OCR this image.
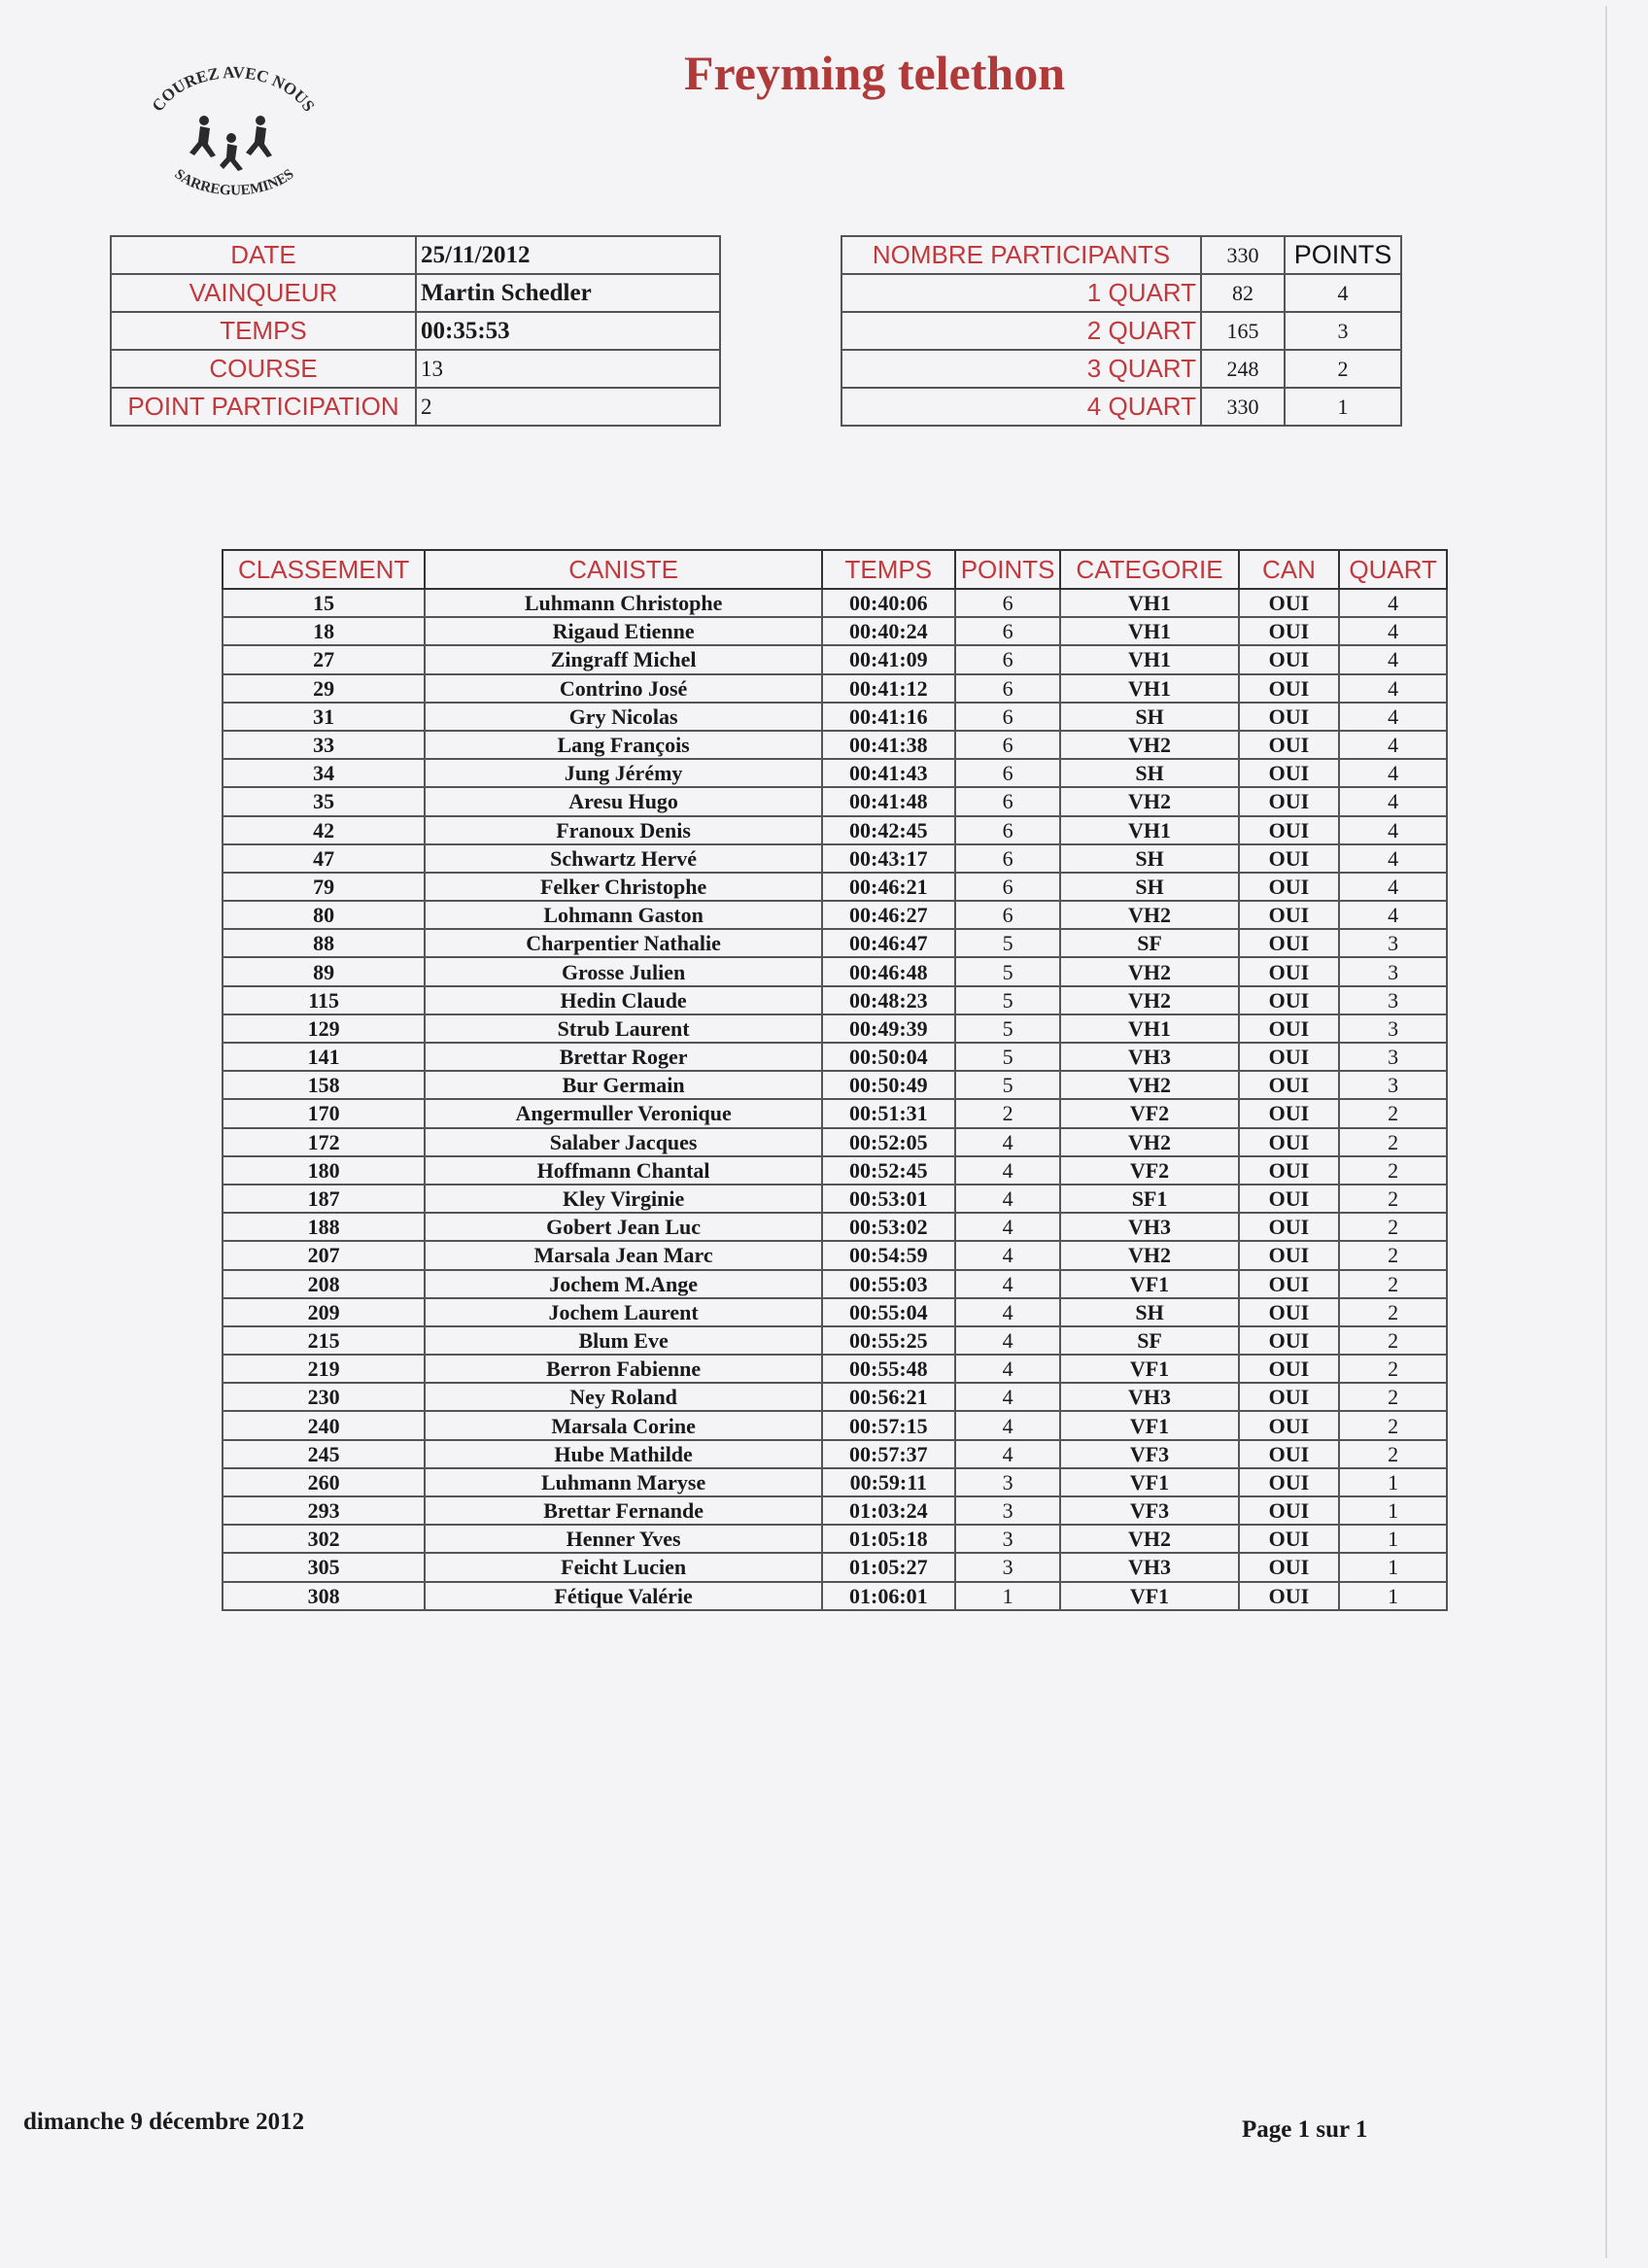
COUREZ AVEC NOUS
SARREGUEMINES
Freyming telethon
DATE	25/11/2012
VAINQUEUR	Martin Schedler
TEMPS	00:35:53
COURSE	13
POINT PARTICIPATION	2
NOMBRE PARTICIPANTS	330	POINTS
1 QUART	82	4
2 QUART	165	3
3 QUART	248	2
4 QUART	330	1
CLASSEMENT	CANISTE	TEMPS	POINTS	CATEGORIE	CAN	QUART
15	Luhmann Christophe	00:40:06	6	VH1	OUI	4
18	Rigaud Etienne	00:40:24	6	VH1	OUI	4
27	Zingraff Michel	00:41:09	6	VH1	OUI	4
29	Contrino José	00:41:12	6	VH1	OUI	4
31	Gry Nicolas	00:41:16	6	SH	OUI	4
33	Lang François	00:41:38	6	VH2	OUI	4
34	Jung Jérémy	00:41:43	6	SH	OUI	4
35	Aresu Hugo	00:41:48	6	VH2	OUI	4
42	Franoux Denis	00:42:45	6	VH1	OUI	4
47	Schwartz Hervé	00:43:17	6	SH	OUI	4
79	Felker Christophe	00:46:21	6	SH	OUI	4
80	Lohmann Gaston	00:46:27	6	VH2	OUI	4
88	Charpentier Nathalie	00:46:47	5	SF	OUI	3
89	Grosse Julien	00:46:48	5	VH2	OUI	3
115	Hedin Claude	00:48:23	5	VH2	OUI	3
129	Strub Laurent	00:49:39	5	VH1	OUI	3
141	Brettar Roger	00:50:04	5	VH3	OUI	3
158	Bur Germain	00:50:49	5	VH2	OUI	3
170	Angermuller Veronique	00:51:31	2	VF2	OUI	2
172	Salaber Jacques	00:52:05	4	VH2	OUI	2
180	Hoffmann Chantal	00:52:45	4	VF2	OUI	2
187	Kley Virginie	00:53:01	4	SF1	OUI	2
188	Gobert Jean Luc	00:53:02	4	VH3	OUI	2
207	Marsala Jean Marc	00:54:59	4	VH2	OUI	2
208	Jochem M.Ange	00:55:03	4	VF1	OUI	2
209	Jochem Laurent	00:55:04	4	SH	OUI	2
215	Blum Eve	00:55:25	4	SF	OUI	2
219	Berron Fabienne	00:55:48	4	VF1	OUI	2
230	Ney Roland	00:56:21	4	VH3	OUI	2
240	Marsala Corine	00:57:15	4	VF1	OUI	2
245	Hube Mathilde	00:57:37	4	VF3	OUI	2
260	Luhmann Maryse	00:59:11	3	VF1	OUI	1
293	Brettar Fernande	01:03:24	3	VF3	OUI	1
302	Henner Yves	01:05:18	3	VH2	OUI	1
305	Feicht Lucien	01:05:27	3	VH3	OUI	1
308	Fétique Valérie	01:06:01	1	VF1	OUI	1
dimanche 9 décembre 2012	Page 1 sur 1
